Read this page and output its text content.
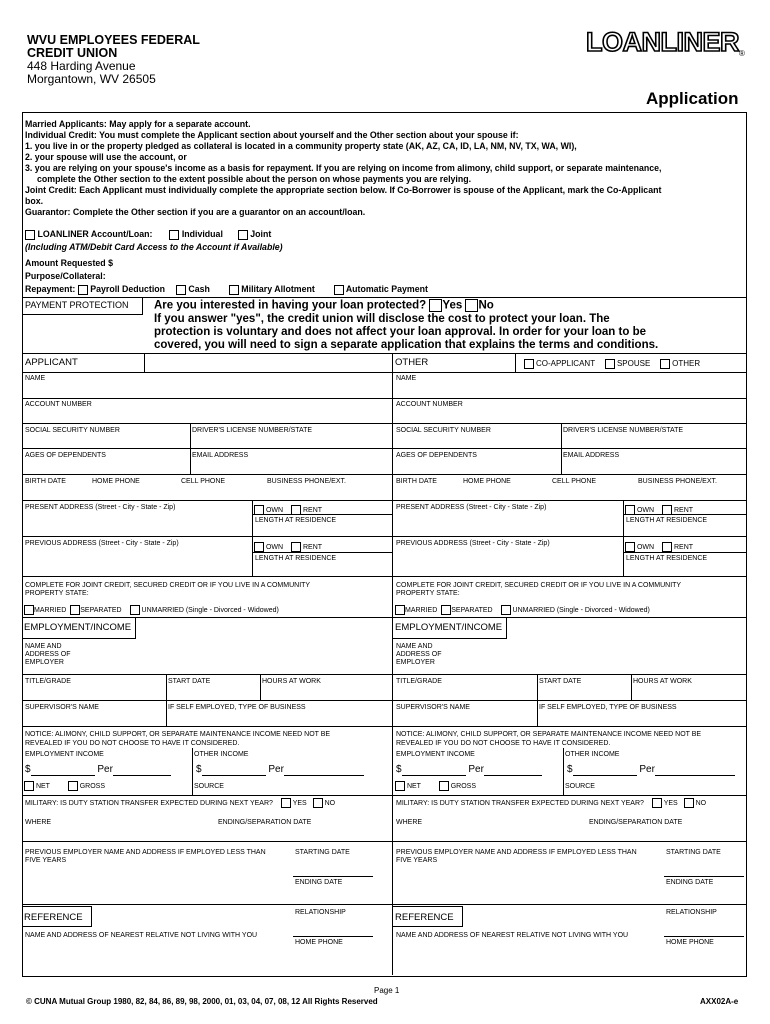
WVU EMPLOYEES FEDERAL
CREDIT UNION
448 Harding Avenue
Morgantown, WV 26505
LOANLINER®
Application
Married Applicants: May apply for a separate account.
Individual Credit: You must complete the Applicant section about yourself and the Other section about your spouse if:
1. you live in or the property pledged as collateral is located in a community property state (AK, AZ, CA, ID, LA, NM, NV, TX, WA, WI),
2. your spouse will use the account, or
3. you are relying on your spouse's income as a basis for repayment. If you are relying on income from alimony, child support, or separate maintenance,
complete the Other section to the extent possible about the person on whose payments you are relying.
Joint Credit: Each Applicant must individually complete the appropriate section below. If Co-Borrower is spouse of the Applicant, mark the Co-Applicant
box.
Guarantor: Complete the Other section if you are a guarantor on an account/loan.
LOANLINER Account/Loan:	Individual	Joint
(Including ATM/Debit Card Access to the Account if Available)
Amount Requested $
Purpose/Collateral:
Repayment: Payroll Deduction	Cash	Military Allotment	Automatic Payment
PAYMENT PROTECTION	Are you interested in having your loan protected? Yes No
If you answer "yes", the credit union will disclose the cost to protect your loan. The
protection is voluntary and does not affect your loan approval. In order for your loan to be
covered, you will need to sign a separate application that explains the terms and conditions.
APPLICANT	OTHER	CO-APPLICANT	SPOUSE	OTHER
NAME
ACCOUNT NUMBER
SOCIAL SECURITY NUMBER	DRIVER'S LICENSE NUMBER/STATE
AGES OF DEPENDENTS	EMAIL ADDRESS
BIRTH DATE	HOME PHONE	CELL PHONE	BUSINESS PHONE/EXT.
PRESENT ADDRESS (Street - City - State - Zip)	OWN	RENT
LENGTH AT RESIDENCE
PREVIOUS ADDRESS (Street - City - State - Zip)
OWN	RENT
LENGTH AT RESIDENCE
COMPLETE FOR JOINT CREDIT, SECURED CREDIT OR IF YOU LIVE IN A COMMUNITY
PROPERTY STATE:
MARRIED SEPARATED	UNMARRIED (Single - Divorced - Widowed)
EMPLOYMENT/INCOME
NAME AND
ADDRESS OF
EMPLOYER
TITLE/GRADE	START DATE	HOURS AT WORK
SUPERVISOR'S NAME	IF SELF EMPLOYED, TYPE OF BUSINESS
NOTICE: ALIMONY, CHILD SUPPORT, OR SEPARATE MAINTENANCE INCOME NEED NOT BE
REVEALED IF YOU DO NOT CHOOSE TO HAVE IT CONSIDERED.
EMPLOYMENT INCOME	OTHER INCOME
$	Per	$	Per
NET	GROSS	SOURCE
MILITARY: IS DUTY STATION TRANSFER EXPECTED DURING NEXT YEAR?	YES	NO
WHERE	ENDING/SEPARATION DATE
PREVIOUS EMPLOYER NAME AND ADDRESS IF EMPLOYED LESS THAN
FIVE YEARS
STARTING DATE
ENDING DATE
REFERENCE	RELATIONSHIP
NAME AND ADDRESS OF NEAREST RELATIVE NOT LIVING WITH YOU
HOME PHONE
NAME
ACCOUNT NUMBER
SOCIAL SECURITY NUMBER	DRIVER'S LICENSE NUMBER/STATE
AGES OF DEPENDENTS	EMAIL ADDRESS
BIRTH DATE	HOME PHONE	CELL PHONE	BUSINESS PHONE/EXT.
PRESENT ADDRESS (Street - City - State - Zip)	OWN	RENT
LENGTH AT RESIDENCE
PREVIOUS ADDRESS (Street - City - State - Zip)
OWN	RENT
LENGTH AT RESIDENCE
COMPLETE FOR JOINT CREDIT, SECURED CREDIT OR IF YOU LIVE IN A COMMUNITY
PROPERTY STATE:
MARRIED SEPARATED	UNMARRIED (Single - Divorced - Widowed)
EMPLOYMENT/INCOME
NAME AND
ADDRESS OF
EMPLOYER
TITLE/GRADE	START DATE	HOURS AT WORK
SUPERVISOR'S NAME	IF SELF EMPLOYED, TYPE OF BUSINESS
NOTICE: ALIMONY, CHILD SUPPORT, OR SEPARATE MAINTENANCE INCOME NEED NOT BE
REVEALED IF YOU DO NOT CHOOSE TO HAVE IT CONSIDERED.
EMPLOYMENT INCOME	OTHER INCOME
$	Per	$	Per
NET	GROSS	SOURCE
MILITARY: IS DUTY STATION TRANSFER EXPECTED DURING NEXT YEAR?	YES	NO
WHERE	ENDING/SEPARATION DATE
PREVIOUS EMPLOYER NAME AND ADDRESS IF EMPLOYED LESS THAN
FIVE YEARS
STARTING DATE
ENDING DATE
REFERENCE	RELATIONSHIP
NAME AND ADDRESS OF NEAREST RELATIVE NOT LIVING WITH YOU
HOME PHONE
Page 1
© CUNA Mutual Group 1980, 82, 84, 86, 89, 98, 2000, 01, 03, 04, 07, 08, 12 All Rights Reserved	AXX02A-e
